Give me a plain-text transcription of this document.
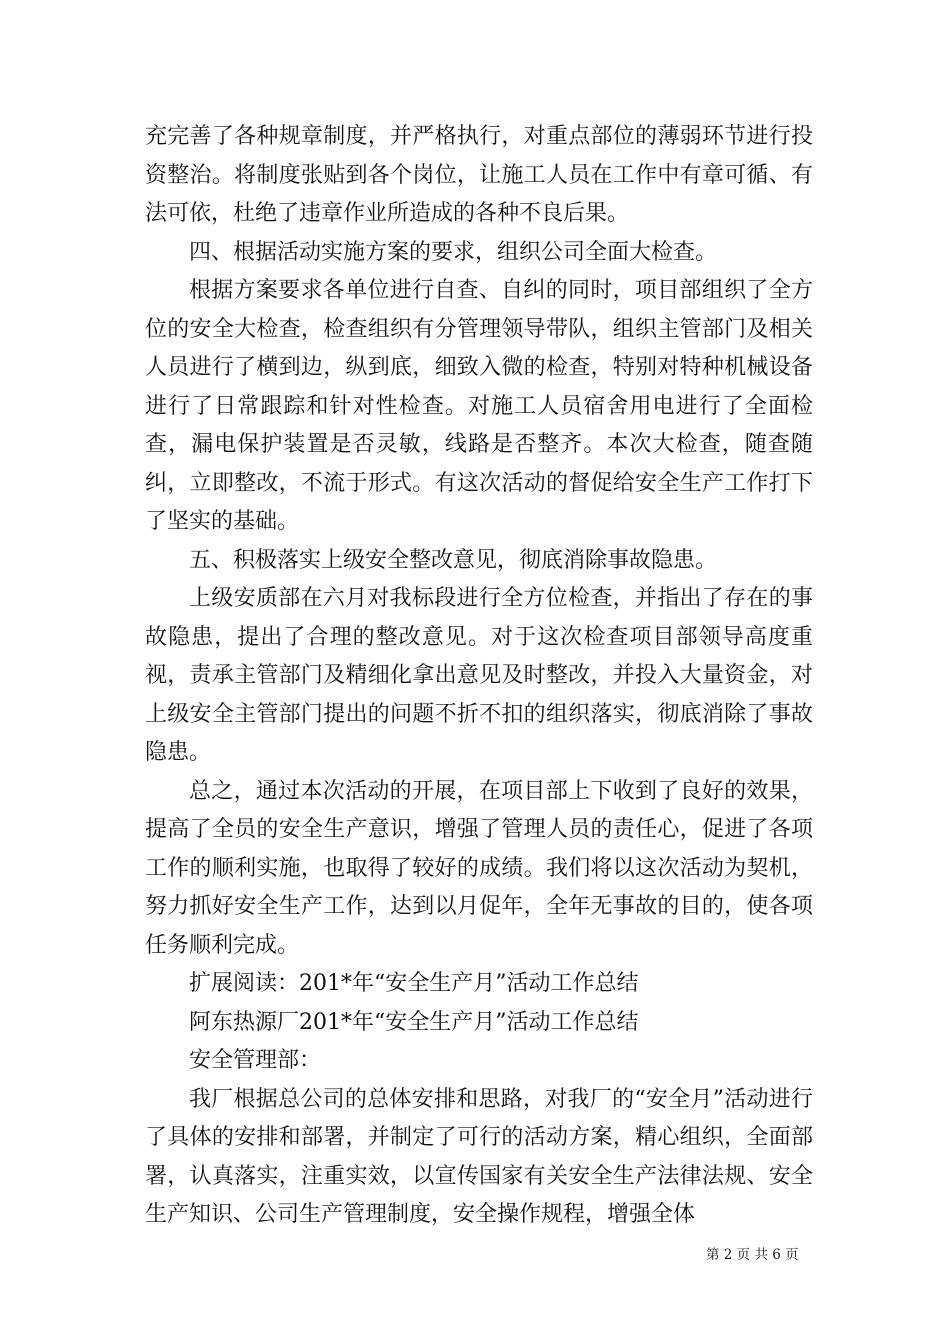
充完善了各种规章制度，并严格执行，对重点部位的薄弱环节进行投资整治。将制度张贴到各个岗位，让施工人员在工作中有章可循、有法可依，杜绝了违章作业所造成的各种不良后果。

四、根据活动实施方案的要求，组织公司全面大检查。

根据方案要求各单位进行自查、自纠的同时，项目部组织了全方位的安全大检查，检查组织有分管理领导带队，组织主管部门及相关人员进行了横到边，纵到底，细致入微的检查，特别对特种机械设备进行了日常跟踪和针对性检查。对施工人员宿舍用电进行了全面检查，漏电保护装置是否灵敏，线路是否整齐。本次大检查，随查随纠，立即整改，不流于形式。有这次活动的督促给安全生产工作打下了坚实的基础。

五、积极落实上级安全整改意见，彻底消除事故隐患。

上级安质部在六月对我标段进行全方位检查，并指出了存在的事故隐患，提出了合理的整改意见。对于这次检查项目部领导高度重视，责承主管部门及精细化拿出意见及时整改，并投入大量资金，对上级安全主管部门提出的问题不折不扣的组织落实，彻底消除了事故隐患。

总之，通过本次活动的开展，在项目部上下收到了良好的效果，提高了全员的安全生产意识，增强了管理人员的责任心，促进了各项工作的顺利实施，也取得了较好的成绩。我们将以这次活动为契机，努力抓好安全生产工作，达到以月促年，全年无事故的目的，使各项任务顺利完成。

扩展阅读：201*年“安全生产月”活动工作总结

阿东热源厂201*年“安全生产月”活动工作总结

安全管理部：

我厂根据总公司的总体安排和思路，对我厂的“安全月”活动进行了具体的安排和部署，并制定了可行的活动方案，精心组织，全面部署，认真落实，注重实效，以宣传国家有关安全生产法律法规、安全生产知识、公司生产管理制度，安全操作规程，增强全体

第 2 页 共 6 页
